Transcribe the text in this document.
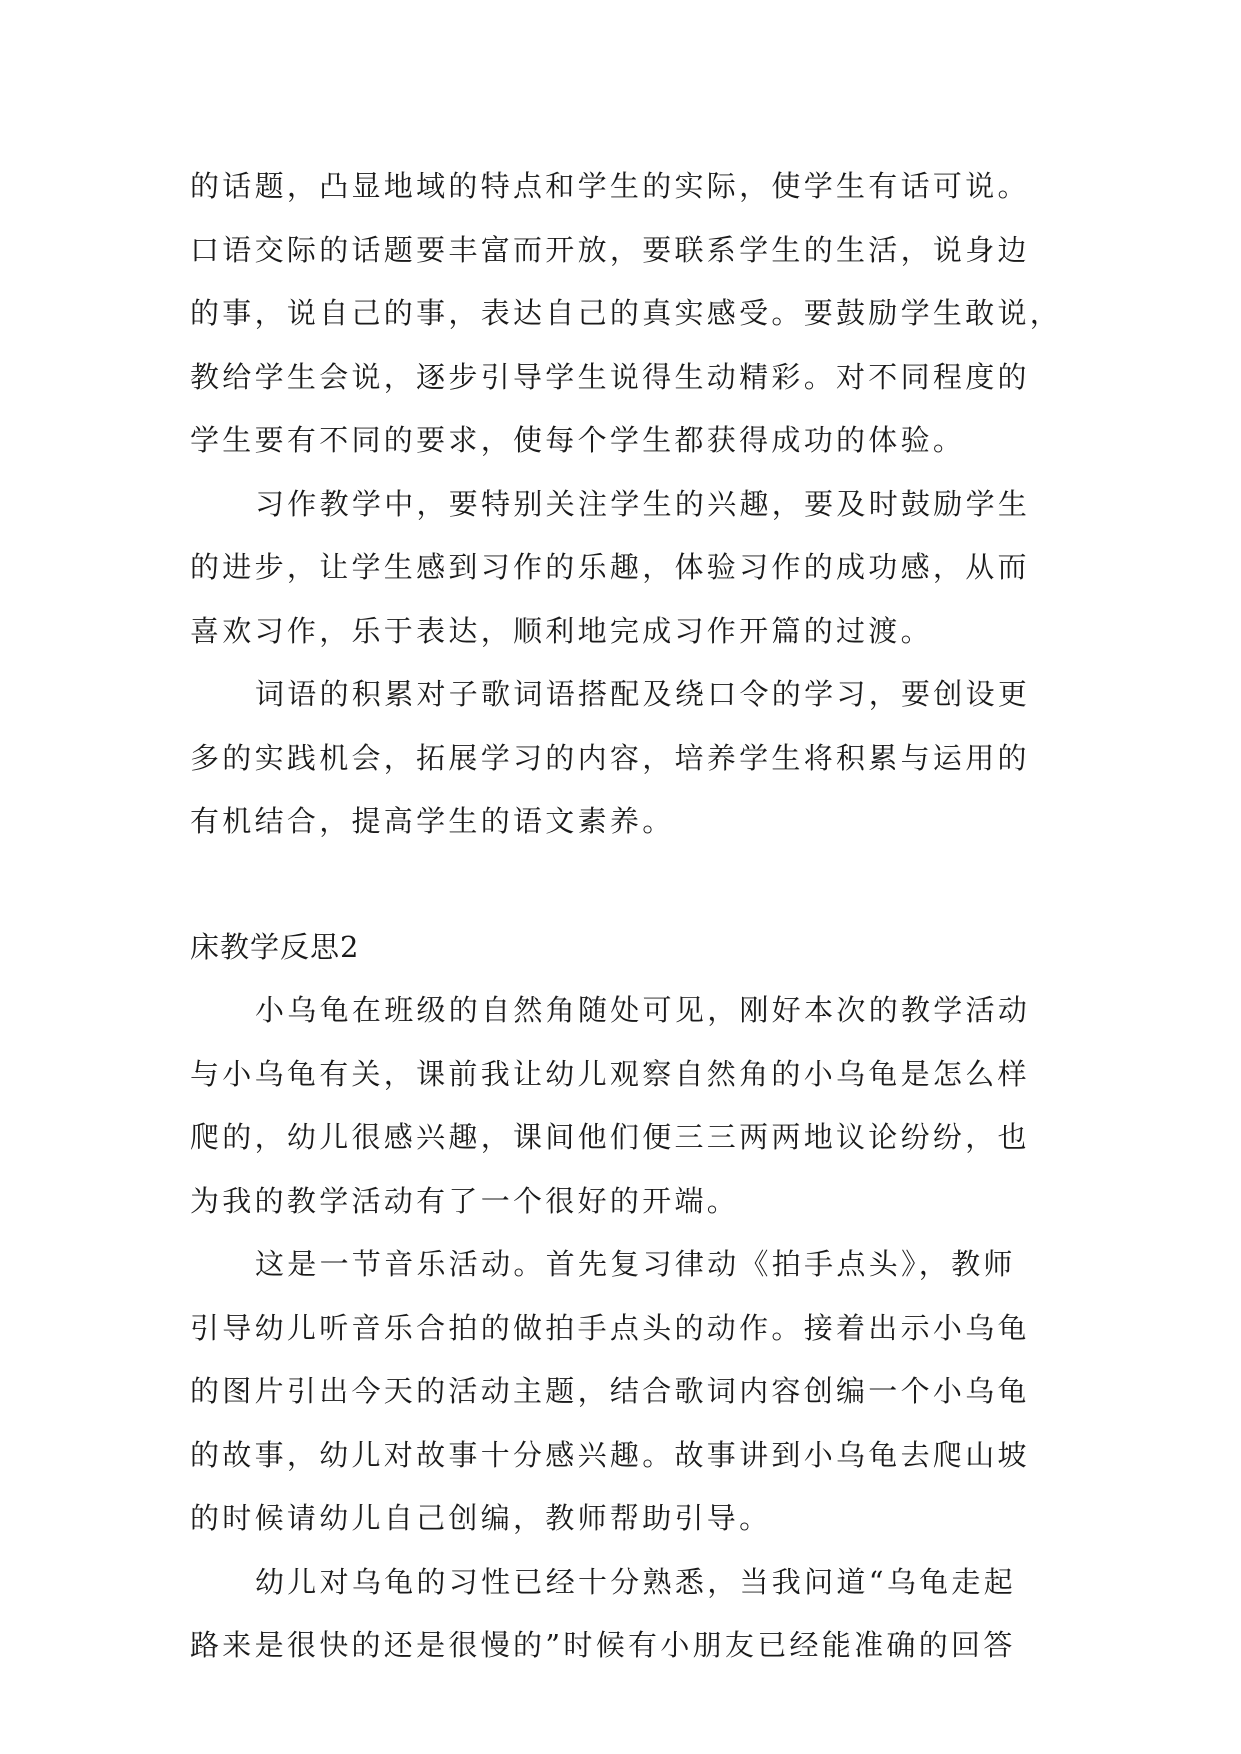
的话题，凸显地域的特点和学生的实际，使学生有话可说。
口语交际的话题要丰富而开放，要联系学生的生活，说身边
的事，说自己的事，表达自己的真实感受。要鼓励学生敢说，
教给学生会说，逐步引导学生说得生动精彩。对不同程度的
学生要有不同的要求，使每个学生都获得成功的体验。
习作教学中，要特别关注学生的兴趣，要及时鼓励学生
的进步，让学生感到习作的乐趣，体验习作的成功感，从而
喜欢习作，乐于表达，顺利地完成习作开篇的过渡。
词语的积累对子歌词语搭配及绕口令的学习，要创设更
多的实践机会，拓展学习的内容，培养学生将积累与运用的
有机结合，提高学生的语文素养。
床教学反思2
小乌龟在班级的自然角随处可见，刚好本次的教学活动
与小乌龟有关，课前我让幼儿观察自然角的小乌龟是怎么样
爬的，幼儿很感兴趣，课间他们便三三两两地议论纷纷，也
为我的教学活动有了一个很好的开端。
这是一节音乐活动。首先复习律动《拍手点头》，教师
引导幼儿听音乐合拍的做拍手点头的动作。接着出示小乌龟
的图片引出今天的活动主题，结合歌词内容创编一个小乌龟
的故事，幼儿对故事十分感兴趣。故事讲到小乌龟去爬山坡
的时候请幼儿自己创编，教师帮助引导。
幼儿对乌龟的习性已经十分熟悉，当我问道“乌龟走起
路来是很快的还是很慢的”时候有小朋友已经能准确的回答
